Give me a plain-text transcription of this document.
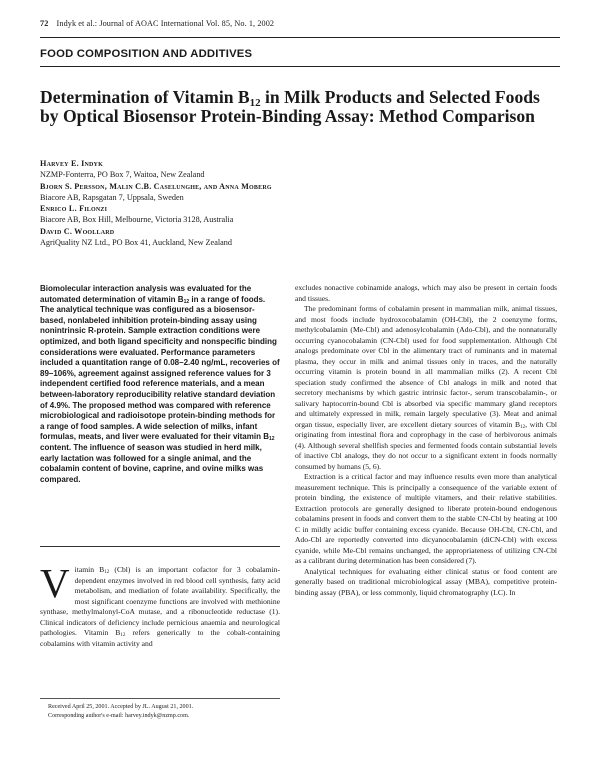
72 Indyk et al.: Journal of AOAC International Vol. 85, No. 1, 2002
FOOD COMPOSITION AND ADDITIVES
Determination of Vitamin $B_{12}$ in Milk Products and Selected Foods by Optical Biosensor Protein-Binding Assay: Method Comparison
Harvey E. Indyk
NZMP-Fonterra, PO Box 7, Waitoa, New Zealand
Bjorn S. Persson, Malin C.B. Caselunghe, and Anna Moberg
Biacore AB, Rapsgatan 7, Uppsala, Sweden
Enrico L. Filonzi
Biacore AB, Box Hill, Melbourne, Victoria 3128, Australia
David C. Woollard
AgriQuality NZ Ltd., PO Box 41, Auckland, New Zealand
Biomolecular interaction analysis was evaluated for the automated determination of vitamin $B_{12}$ in a range of foods. The analytical technique was configured as a biosensor-based, nonlabeled inhibition protein-binding assay using nonintrinsic R-protein. Sample extraction conditions were optimized, and both ligand specificity and nonspecific binding considerations were evaluated. Performance parameters included a quantitation range of 0.08–2.40 ng/mL, recoveries of 89–106%, agreement against assigned reference values for 3 independent certified food reference materials, and a mean between-laboratory reproducibility relative standard deviation of 4.9%. The proposed method was compared with reference microbiological and radioisotope protein-binding methods for a range of food samples. A wide selection of milks, infant formulas, meats, and liver were evaluated for their vitamin $B_{12}$ content. The influence of season was studied in herd milk, early lactation was followed for a single animal, and the cobalamin content of bovine, caprine, and ovine milks was compared.
Vitamin $B_{12}$ (Cbl) is an important cofactor for 3 cobalamin-dependent enzymes involved in red blood cell synthesis, fatty acid metabolism, and mediation of folate availability. Specifically, the most significant coenzyme functions are involved with methionine synthase, methylmalonyl-CoA mutase, and a ribonucleotide reductase (1). Clinical indicators of deficiency include pernicious anaemia and neurological pathologies. Vitamin $B_{12}$ refers generically to the cobalt-containing cobalamins with vitamin activity and

excludes nonactive cobinamide analogs, which may also be present in certain foods and tissues.

The predominant forms of cobalamin present in mammalian milk, animal tissues, and most foods include hydroxocobalamin (OH-Cbl), the 2 coenzyme forms, methylcobalamin (Me-Cbl) and adenosylcobalamin (Ado-Cbl), and the nonnaturally occurring cyanocobalamin (CN-Cbl) used for food supplementation. Although Cbl analogs predominate over Cbl in the alimentary tract of ruminants and in maternal plasma, they occur in milk and animal tissues only in traces, and the naturally occurring vitamin is protein bound in all mammalian milks (2). A recent Cbl speciation study confirmed the absence of Cbl analogs in milk and noted that secretory mechanisms by which gastric intrinsic factor-, serum transcobalamin-, or salivary haptocorrin-bound Cbl is absorbed via specific mammary gland receptors and ultimately expressed in milk, remain largely speculative (3). Meat and animal organ tissue, especially liver, are excellent dietary sources of vitamin $B_{12}$, with Cbl originating from intestinal flora and coprophagy in the case of herbivorous animals (4). Although several shellfish species and fermented foods contain substantial levels of inactive Cbl analogs, they do not occur to a significant extent in foods normally consumed by humans (5, 6).

Extraction is a critical factor and may influence results even more than analytical measurement technique. This is principally a consequence of the variable extent of protein binding, the existence of multiple vitamers, and their relative stabilities. Extraction protocols are generally designed to liberate protein-bound endogenous cobalamins present in foods and convert them to the stable CN-Cbl by heating at 100 C in mildly acidic buffer containing excess cyanide. Because OH-Cbl, CN-Cbl, and Ado-Cbl are reportedly converted into dicyanocobalamin (diCN-Cbl) with excess cyanide, while Me-Cbl remains unchanged, the appropriateness of utilizing CN-Cbl as a calibrant during determination has been considered (7).

Analytical techniques for evaluating either clinical status or food content are generally based on traditional microbiological assay (MBA), competitive protein-binding assay (PBA), or less commonly, liquid chromatography (LC). In

Received April 25, 2001. Accepted by JL. August 21, 2001.
Corresponding author's e-mail: harvey.indyk@nzmp.com.
